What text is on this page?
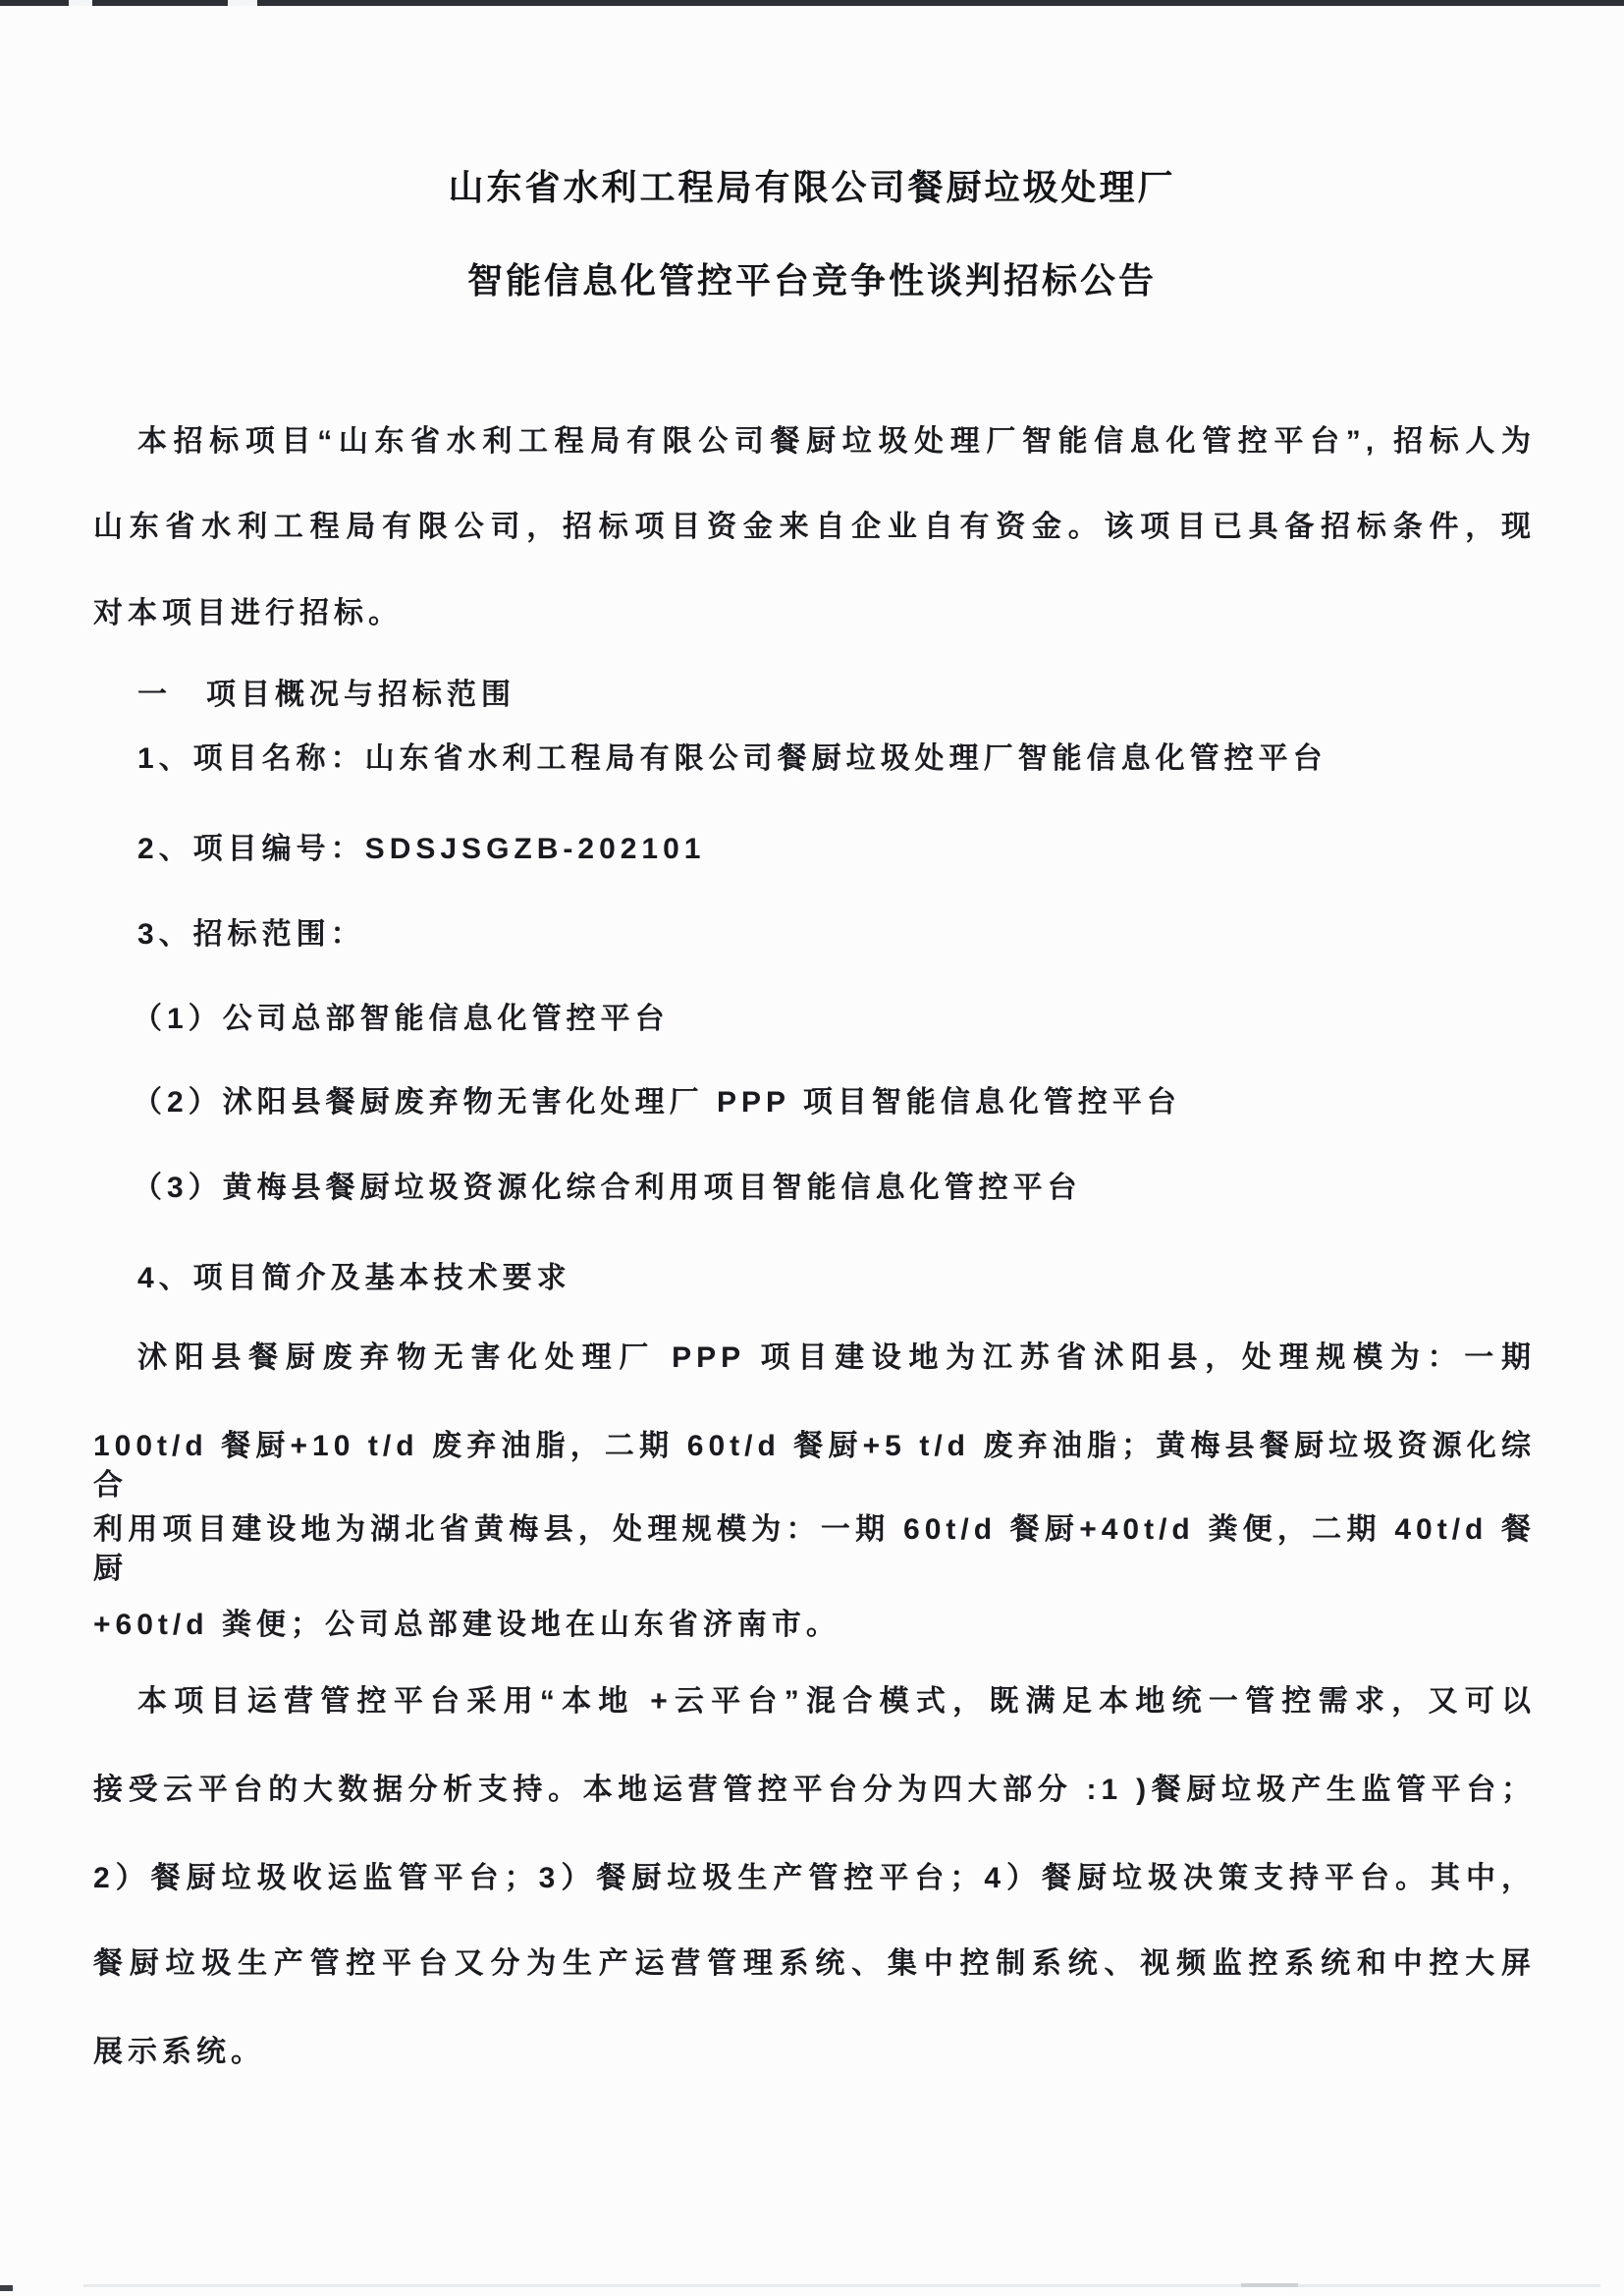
山东省水利工程局有限公司餐厨垃圾处理厂
智能信息化管控平台竞争性谈判招标公告
本招标项目“山东省水利工程局有限公司餐厨垃圾处理厂智能信息化管控平台”, 招标人为
山东省水利工程局有限公司，招标项目资金来自企业自有资金。该项目已具备招标条件，现
对本项目进行招标。
一　项目概况与招标范围
1、项目名称：山东省水利工程局有限公司餐厨垃圾处理厂智能信息化管控平台
2、项目编号：SDSJSGZB-202101
3、招标范围：
（1）公司总部智能信息化管控平台
（2）沭阳县餐厨废弃物无害化处理厂 PPP 项目智能信息化管控平台
（3）黄梅县餐厨垃圾资源化综合利用项目智能信息化管控平台
4、项目简介及基本技术要求
沭阳县餐厨废弃物无害化处理厂 PPP 项目建设地为江苏省沭阳县，处理规模为：一期
100t/d 餐厨+10 t/d 废弃油脂，二期 60t/d 餐厨+5 t/d 废弃油脂；黄梅县餐厨垃圾资源化综合
利用项目建设地为湖北省黄梅县，处理规模为：一期 60t/d 餐厨+40t/d 粪便，二期 40t/d 餐厨
+60t/d 粪便；公司总部建设地在山东省济南市。
本项目运营管控平台采用“本地 +云平台”混合模式，既满足本地统一管控需求，又可以
接受云平台的大数据分析支持。本地运营管控平台分为四大部分 :1 )餐厨垃圾产生监管平台；
2）餐厨垃圾收运监管平台；3）餐厨垃圾生产管控平台；4）餐厨垃圾决策支持平台。其中，
餐厨垃圾生产管控平台又分为生产运营管理系统、集中控制系统、视频监控系统和中控大屏
展示系统。
